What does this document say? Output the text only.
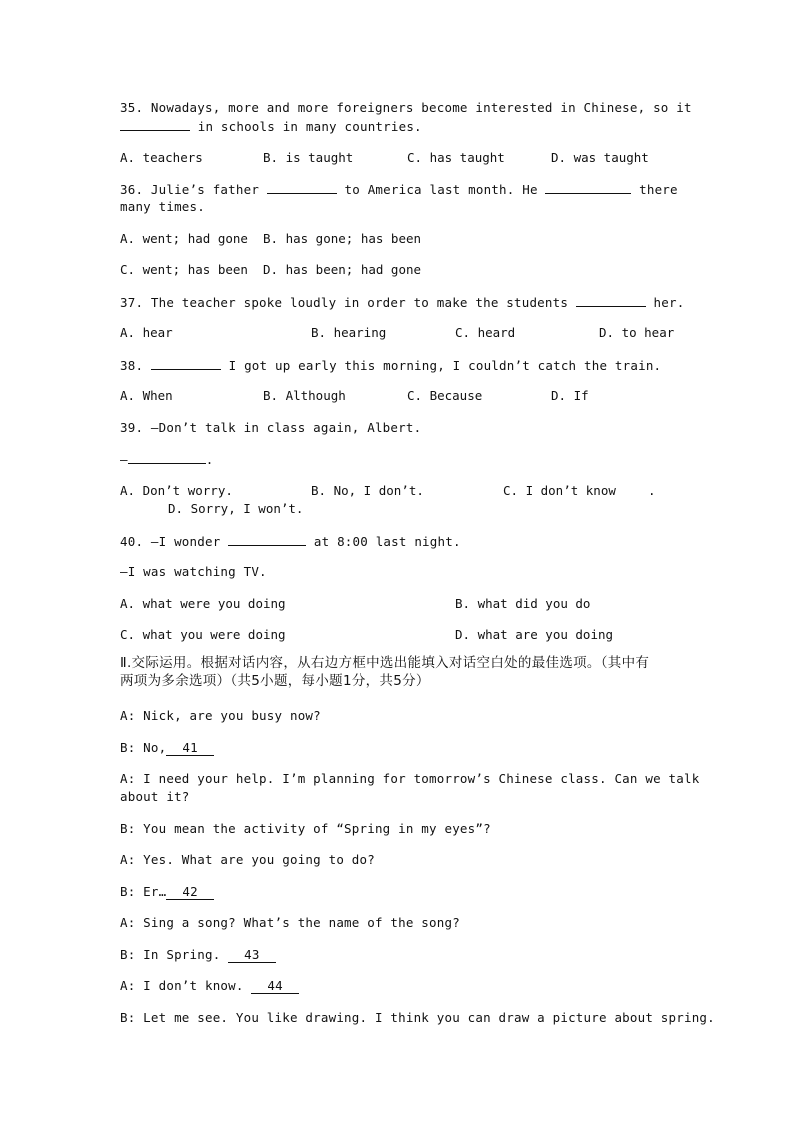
35. Nowadays, more and more foreigners become interested in Chinese, so it
in schools in many countries.
A. teachers	B. is taught	C. has taught	D. was taught
36. Julie’s father	to America last month. He	there
many times.
A. went; had gone B. has gone; has been
C. went; has been D. has been; had gone
37. The teacher spoke loudly in order to make the students	her.
A. hear	B. hearing	C. heard	D. to hear
38.	I got up early this morning, I couldn’t catch the train.
A. When	B. Although	C. Because	D. If
39. —Don’t talk in class again, Albert.
—	.
A. Don’t worry.	B. No, I don’t.	C. I don’t know	.
D. Sorry, I won’t.
40. —I wonder	at 8:00 last night.
—I was watching TV.
A. what were you doing	B. what did you do
C. what you were doing	D. what are you doing
Ⅱ.交际运用。根据对话内容，从右边方框中选出能填入对话空白处的最佳选项。（其中有
两项为多余选项）（共5小题，每小题1分，共5分）
A: Nick, are you busy now?
B: No, 41
A: I need your help. I’m planning for tomorrow’s Chinese class. Can we talk
about it?
B: You mean the activity of “Spring in my eyes”?
A: Yes. What are you going to do?
B: Er… 42
A: Sing a song? What’s the name of the song?
B: In Spring. 43
A: I don’t know. 44
B: Let me see. You like drawing. I think you can draw a picture about spring.
